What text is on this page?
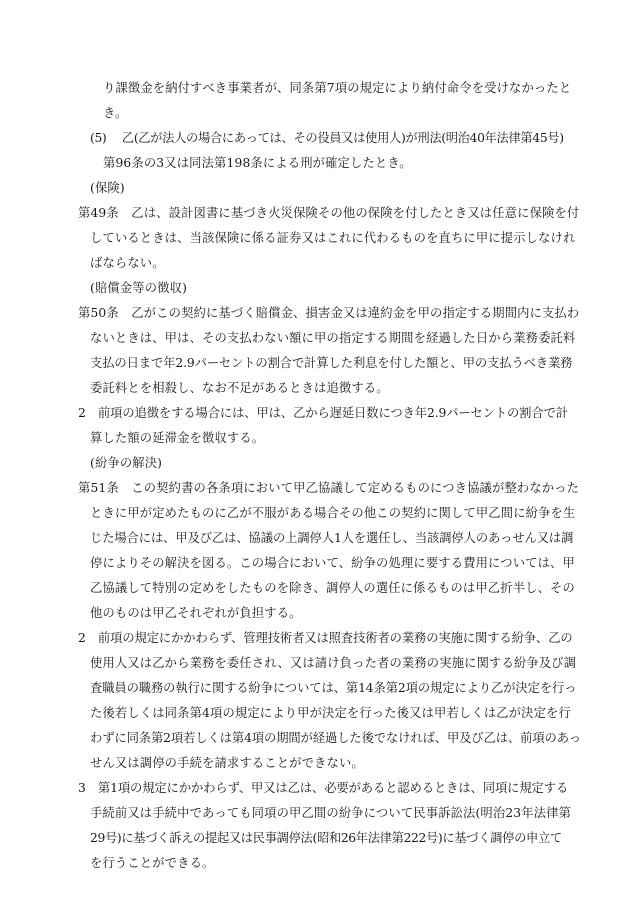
り課徴金を納付すべき事業者が、同条第7項の規定により納付命令を受けなかったと

き。

(5)　 乙(乙が法人の場合にあっては、その役員又は使用人)が刑法(明治40年法律第45号)

第96条の3又は同法第198条による刑が確定したとき。

(保険)

第49条　乙は、設計図書に基づき火災保険その他の保険を付したとき又は任意に保険を付

しているときは、当該保険に係る証券又はこれに代わるものを直ちに甲に提示しなけれ

ばならない。

(賠償金等の徴収)

第50条　乙がこの契約に基づく賠償金、損害金又は違約金を甲の指定する期間内に支払わ

ないときは、甲は、その支払わない額に甲の指定する期間を経過した日から業務委託料

支払の日まで年2.9パーセントの割合で計算した利息を付した額と、甲の支払うべき業務

委託料とを相殺し、なお不足があるときは追徴する。

2　前項の追徴をする場合には、甲は、乙から遅延日数につき年2.9パーセントの割合で計

算した額の延滞金を徴収する。

(紛争の解決)

第51条　この契約書の各条項において甲乙協議して定めるものにつき協議が整わなかった

ときに甲が定めたものに乙が不服がある場合その他この契約に関して甲乙間に紛争を生

じた場合には、甲及び乙は、協議の上調停人1人を選任し、当該調停人のあっせん又は調

停によりその解決を図る。この場合において、紛争の処理に要する費用については、甲

乙協議して特別の定めをしたものを除き、調停人の選任に係るものは甲乙折半し、その

他のものは甲乙それぞれが負担する。

2　前項の規定にかかわらず、管理技術者又は照査技術者の業務の実施に関する紛争、乙の

使用人又は乙から業務を委任され、又は請け負った者の業務の実施に関する紛争及び調

査職員の職務の執行に関する紛争については、第14条第2項の規定により乙が決定を行っ

た後若しくは同条第4項の規定により甲が決定を行った後又は甲若しくは乙が決定を行

わずに同条第2項若しくは第4項の期間が経過した後でなければ、甲及び乙は、前項のあっ

せん又は調停の手続を請求することができない。

3　第1項の規定にかかわらず、甲又は乙は、必要があると認めるときは、同項に規定する

手続前又は手続中であっても同項の甲乙間の紛争について民事訴訟法(明治23年法律第

29号)に基づく訴えの提起又は民事調停法(昭和26年法律第222号)に基づく調停の申立て

を行うことができる。
